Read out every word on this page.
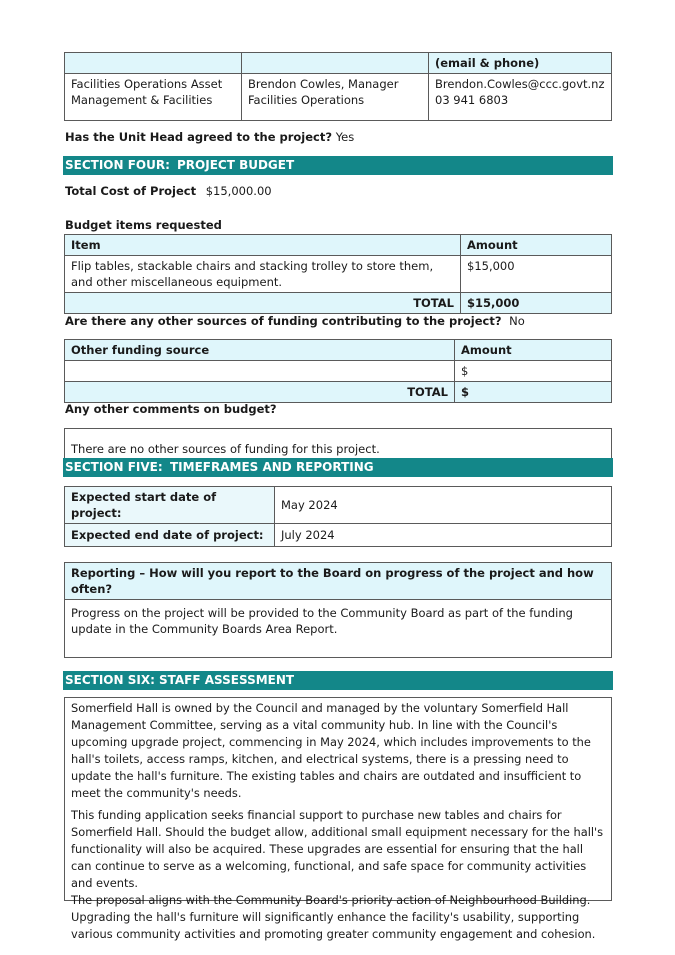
		(email & phone)
Facilities Operations Asset Management & Facilities	Brendon Cowles, Manager Facilities Operations	Brendon.Cowles@ccc.govt.nz
03 941 6803
Has the Unit Head agreed to the project? Yes
SECTION FOUR: PROJECT BUDGET
Total Cost of Project $15,000.00
Budget items requested
Item	Amount
Flip tables, stackable chairs and stacking trolley to store them, and other miscellaneous equipment.	$15,000
TOTAL	$15,000
Are there any other sources of funding contributing to the project? No
Other funding source	Amount
	$
TOTAL	$
Any other comments on budget?
There are no other sources of funding for this project.
SECTION FIVE: TIMEFRAMES AND REPORTING
Expected start date of project:	May 2024
Expected end date of project:	July 2024
Reporting – How will you report to the Board on progress of the project and how often?
Progress on the project will be provided to the Community Board as part of the funding update in the Community Boards Area Report.
SECTION SIX: STAFF ASSESSMENT

Somerfield Hall is owned by the Council and managed by the voluntary Somerfield Hall Management Committee, serving as a vital community hub. In line with the Council's upcoming upgrade project, commencing in May 2024, which includes improvements to the hall's toilets, access ramps, kitchen, and electrical systems, there is a pressing need to update the hall's furniture. The existing tables and chairs are outdated and insufficient to meet the community's needs.

This funding application seeks financial support to purchase new tables and chairs for Somerfield Hall. Should the budget allow, additional small equipment necessary for the hall's functionality will also be acquired. These upgrades are essential for ensuring that the hall can continue to serve as a welcoming, functional, and safe space for community activities and events.

The proposal aligns with the Community Board's priority action of Neighbourhood Building. Upgrading the hall's furniture will significantly enhance the facility's usability, supporting various community activities and promoting greater community engagement and cohesion.
